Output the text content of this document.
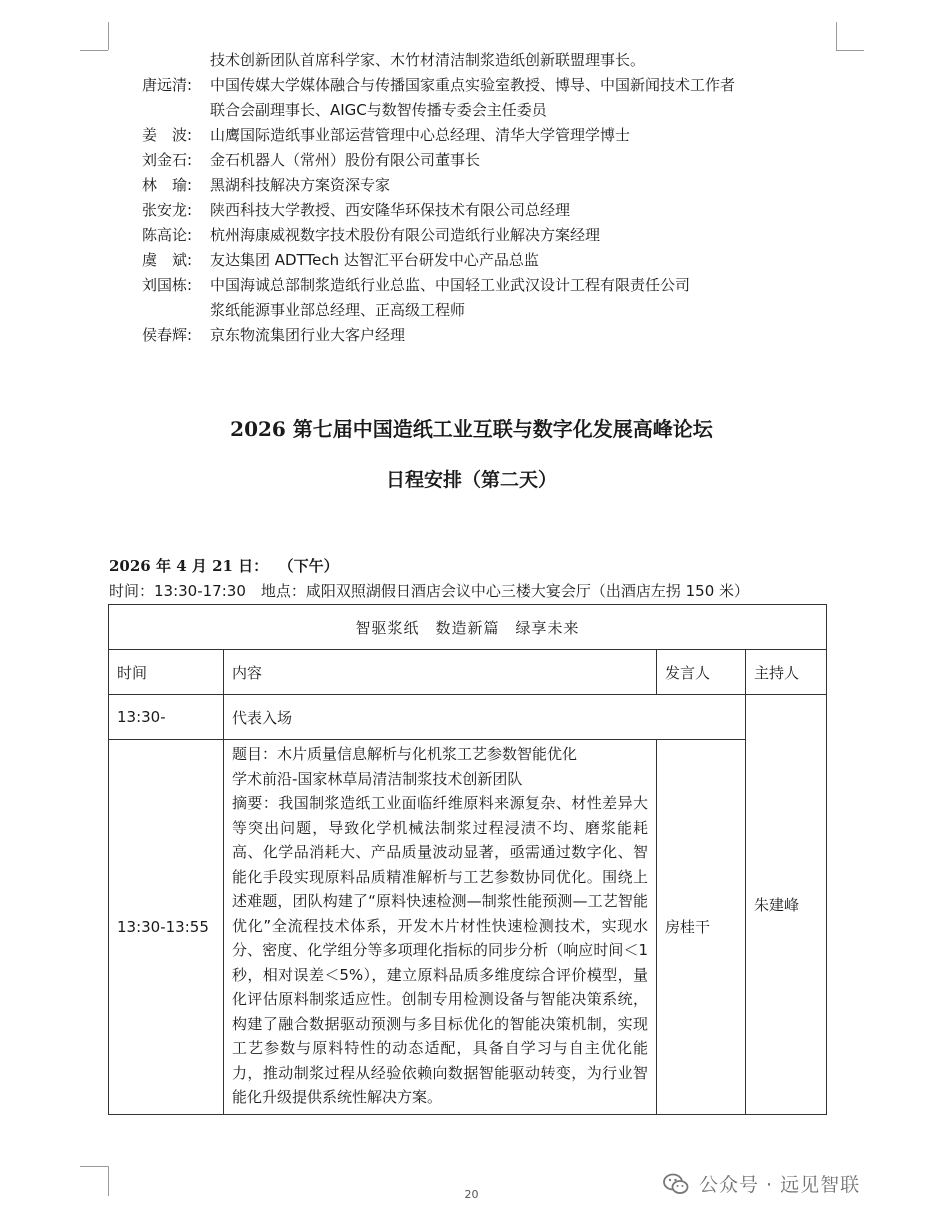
技术创新团队首席科学家、木竹材清洁制浆造纸创新联盟理事长。
唐远清:	中国传媒大学媒体融合与传播国家重点实验室教授、博导、中国新闻技术工作者
联合会副理事长、AIGC与数智传播专委会主任委员
姜　波:	山鹰国际造纸事业部运营管理中心总经理、清华大学管理学博士
刘金石:	金石机器人（常州）股份有限公司董事长
林　瑜:	黑湖科技解决方案资深专家
张安龙:	陕西科技大学教授、西安隆华环保技术有限公司总经理
陈高论:	杭州海康威视数字技术股份有限公司造纸行业解决方案经理
虞　斌:	友达集团 ADTTech 达智汇平台研发中心产品总监
刘国栋:	中国海诚总部制浆造纸行业总监、中国轻工业武汉设计工程有限责任公司
浆纸能源事业部总经理、正高级工程师
侯春辉:	京东物流集团行业大客户经理
2026 第七届中国造纸工业互联与数字化发展高峰论坛
日程安排（第二天）
2026 年 4 月 21 日：  （下午）
时间：13:30-17:30　地点：咸阳双照湖假日酒店会议中心三楼大宴会厅（出酒店左拐 150 米）
智驱浆纸　数造新篇　绿享未来			
时间	内容	发言人	主持人
13:30-	代表入场		朱建峰
13:30-13:55	题目：木片质量信息解析与化机浆工艺参数智能优化
学术前沿-国家林草局清洁制浆技术创新团队
摘要：我国制浆造纸工业面临纤维原料来源复杂、材性差异大等突出问题，导致化学机械法制浆过程浸渍不均、磨浆能耗高、化学品消耗大、产品质量波动显著，亟需通过数字化、智能化手段实现原料品质精准解析与工艺参数协同优化。围绕上述难题，团队构建了“原料快速检测—制浆性能预测—工艺智能优化”全流程技术体系，开发木片材性快速检测技术，实现水分、密度、化学组分等多项理化指标的同步分析（响应时间＜1 秒，相对误差＜5%），建立原料品质多维度综合评价模型，量化评估原料制浆适应性。创制专用检测设备与智能决策系统，构建了融合数据驱动预测与多目标优化的智能决策机制，实现工艺参数与原料特性的动态适配，具备自学习与自主优化能力，推动制浆过程从经验依赖向数据智能驱动转变，为行业智能化升级提供系统性解决方案。	房桂干	
20	公众号 · 远见智联
